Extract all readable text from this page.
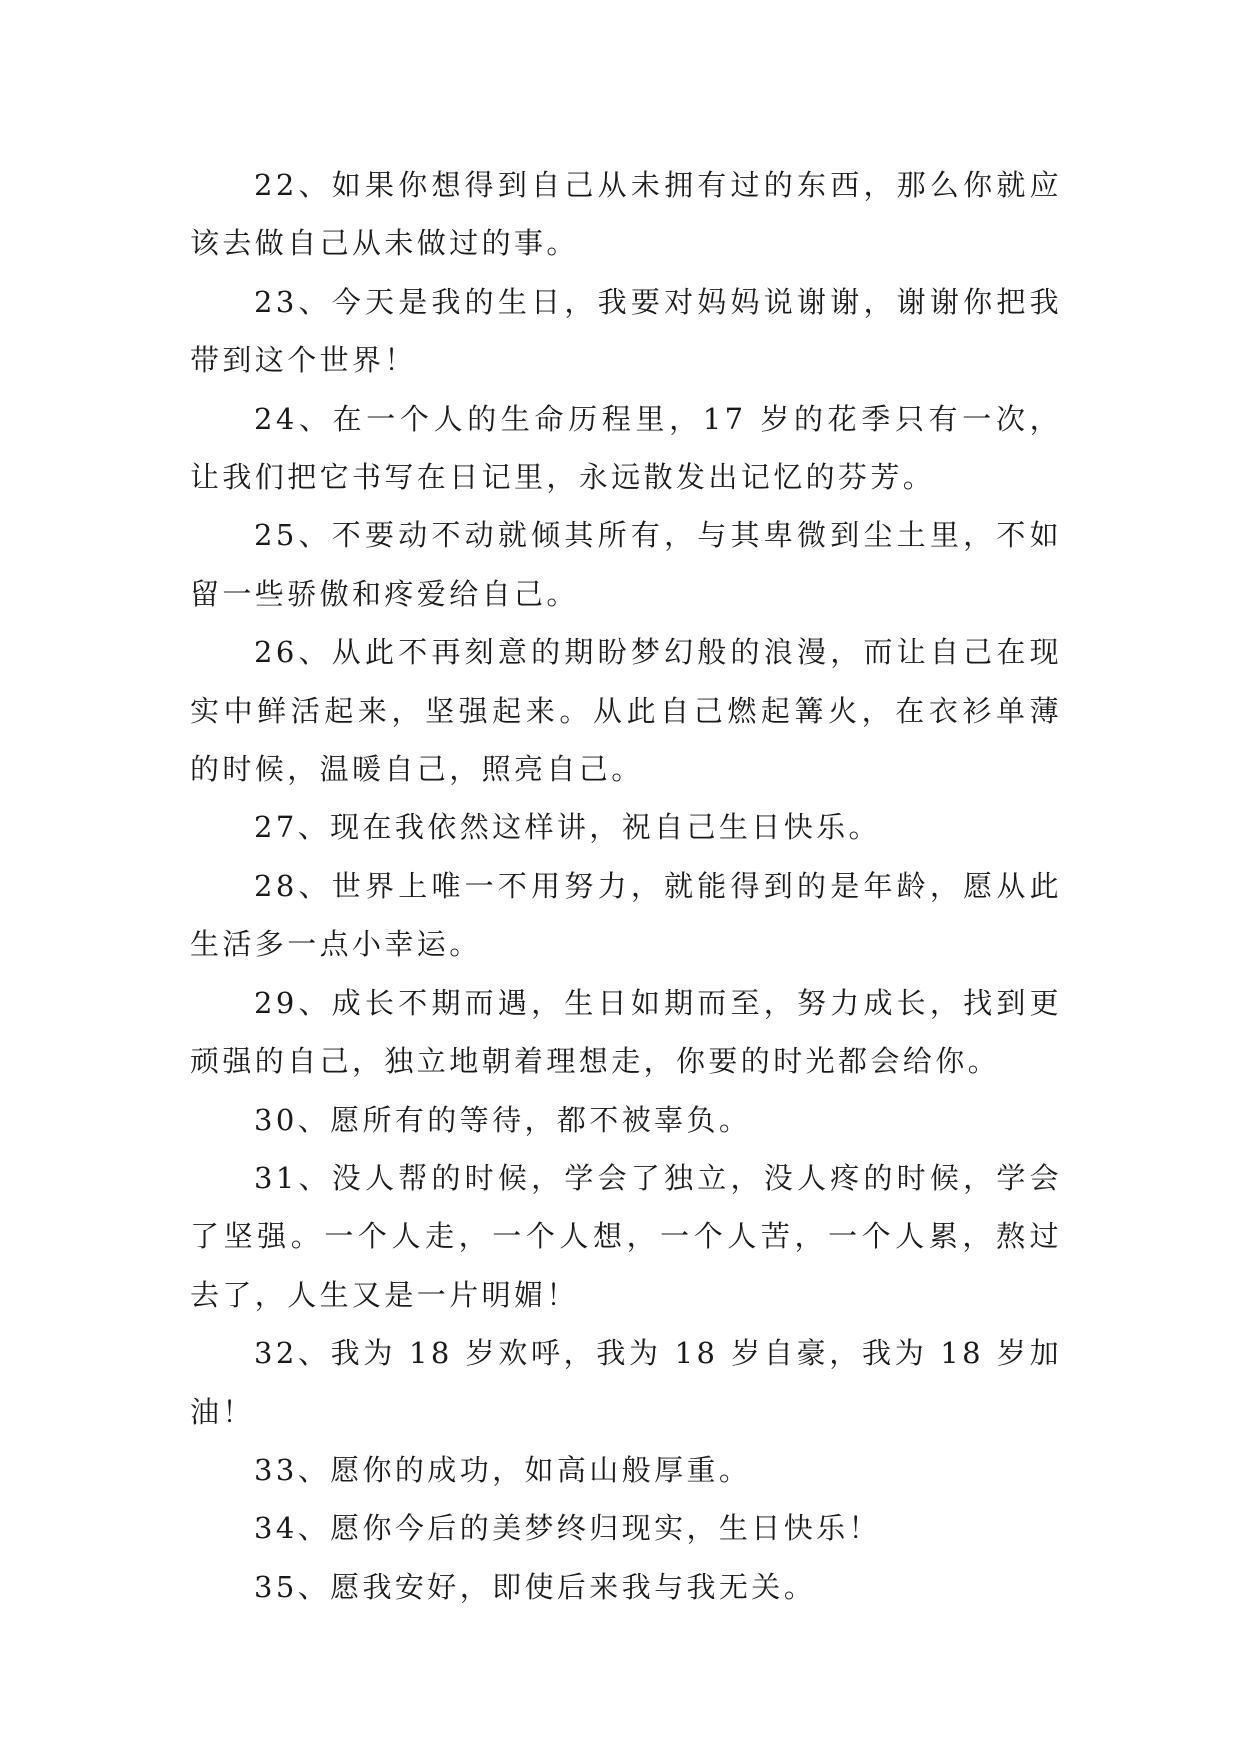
22、如果你想得到自己从未拥有过的东西，那么你就应该去做自己从未做过的事。

23、今天是我的生日，我要对妈妈说谢谢，谢谢你把我带到这个世界！

24、在一个人的生命历程里，17 岁的花季只有一次，让我们把它书写在日记里，永远散发出记忆的芬芳。

25、不要动不动就倾其所有，与其卑微到尘土里，不如留一些骄傲和疼爱给自己。

26、从此不再刻意的期盼梦幻般的浪漫，而让自己在现实中鲜活起来，坚强起来。从此自己燃起篝火，在衣衫单薄的时候，温暖自己，照亮自己。

27、现在我依然这样讲，祝自己生日快乐。

28、世界上唯一不用努力，就能得到的是年龄，愿从此生活多一点小幸运。

29、成长不期而遇，生日如期而至，努力成长，找到更顽强的自己，独立地朝着理想走，你要的时光都会给你。

30、愿所有的等待，都不被辜负。

31、没人帮的时候，学会了独立，没人疼的时候，学会了坚强。一个人走，一个人想，一个人苦，一个人累，熬过去了，人生又是一片明媚！

32、我为 18 岁欢呼，我为 18 岁自豪，我为 18 岁加油！

33、愿你的成功，如高山般厚重。

34、愿你今后的美梦终归现实，生日快乐！

35、愿我安好，即使后来我与我无关。
